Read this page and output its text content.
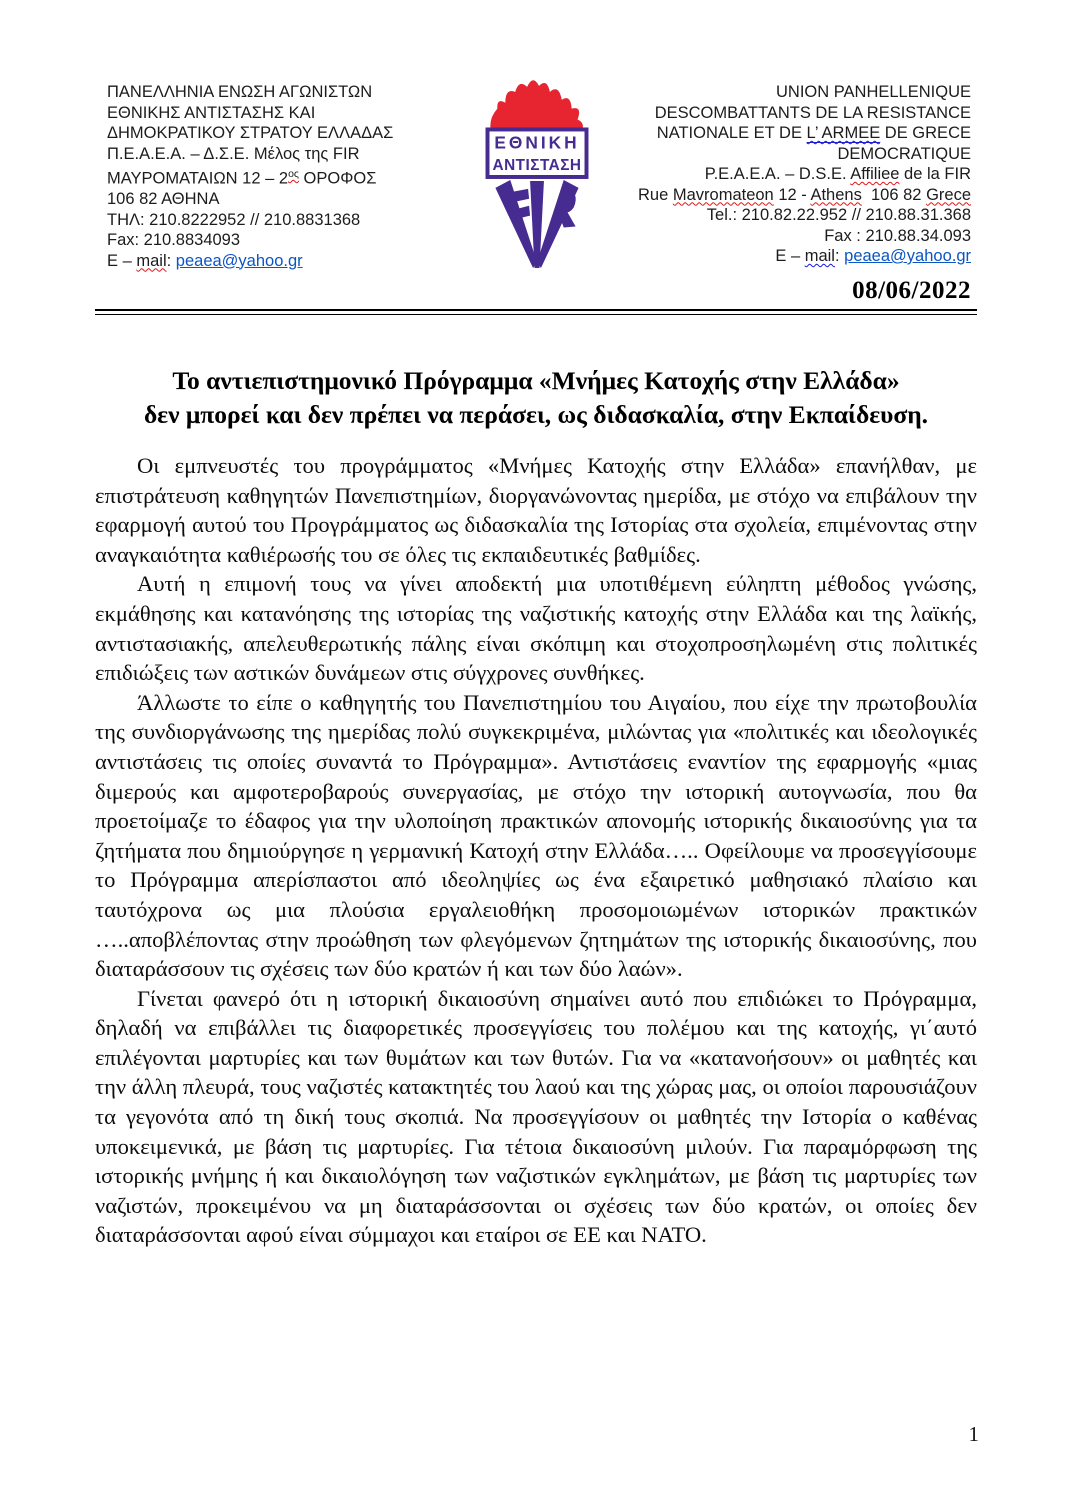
ΠΑΝΕΛΛΗΝΙΑ ΕΝΩΣΗ ΑΓΩΝΙΣΤΩΝ
ΕΘΝΙΚΗΣ ΑΝΤΙΣΤΑΣΗΣ ΚΑΙ
ΔΗΜΟΚΡΑΤΙΚΟΥ ΣΤΡΑΤΟΥ ΕΛΛΑΔΑΣ
Π.Ε.Α.Ε.Α. – Δ.Σ.Ε. Μέλος της FIR
ΜΑΥΡΟΜΑΤΑΙΩΝ $12 - 2^{o\varsigma}$ ΟΡΟΦΟΣ
106 82 ΑΘΗΝΑ
ΤΗΛ: 210.8222952 // 210.8831368
Fax: 210.8834093
E – mail: peaea@yahoo.gr
ΕΘΝΙΚΗ
ΑΝΤΙΣΤΑΣΗ
UNION PANHELLENIQUE
DESCOMBATTANTS DE LA RESISTANCE
NATIONALE ET DE L’ ARMEE DE GRECE
DEMOCRATIQUE
P.E.A.E.A. – D.S.E. Affiliee de la FIR
Rue Mavromateon 12 - Athens  106 82 Grece
Tel.: 210.82.22.952 // 210.88.31.368
Fax : 210.88.34.093
E – mail: peaea@yahoo.gr
08/06/2022
Το αντιεπιστημονικό Πρόγραμμα «Μνήμες Κατοχής στην Ελλάδα»
δεν μπορεί και δεν πρέπει να περάσει, ως διδασκαλία, στην Εκπαίδευση.

Οι εμπνευστές του προγράμματος «Μνήμες Κατοχής στην Ελλάδα» επανήλθαν, με επιστράτευση καθηγητών Πανεπιστημίων, διοργανώνοντας ημερίδα, με στόχο να επιβάλουν την εφαρμογή αυτού του Προγράμματος ως διδασκαλία της Ιστορίας στα σχολεία, επιμένοντας στην αναγκαιότητα καθιέρωσής του σε όλες τις εκπαιδευτικές βαθμίδες.

Αυτή η επιμονή τους να γίνει αποδεκτή μια υποτιθέμενη εύληπτη μέθοδος γνώσης, εκμάθησης και κατανόησης της ιστορίας της ναζιστικής κατοχής στην Ελλάδα και της λαϊκής, αντιστασιακής, απελευθερωτικής πάλης είναι σκόπιμη και στοχοπροσηλωμένη στις πολιτικές επιδιώξεις των αστικών δυνάμεων στις σύγχρονες συνθήκες.

Άλλωστε το είπε ο καθηγητής του Πανεπιστημίου του Αιγαίου, που είχε την πρωτοβουλία της συνδιοργάνωσης της ημερίδας πολύ συγκεκριμένα, μιλώντας για «πολιτικές και ιδεολογικές αντιστάσεις τις οποίες συναντά το Πρόγραμμα». Αντιστάσεις εναντίον της εφαρμογής «μιας διμερούς και αμφοτεροβαρούς συνεργασίας, με στόχο την ιστορική αυτογνωσία, που θα προετοίμαζε το έδαφος για την υλοποίηση πρακτικών απονομής ιστορικής δικαιοσύνης για τα ζητήματα που δημιούργησε η γερμανική Κατοχή στην Ελλάδα….. Οφείλουμε να προσεγγίσουμε το Πρόγραμμα απερίσπαστοι από ιδεοληψίες ως ένα εξαιρετικό μαθησιακό πλαίσιο και ταυτόχρονα ως μια πλούσια εργαλειοθήκη προσομοιωμένων ιστορικών πρακτικών …..αποβλέποντας στην προώθηση των φλεγόμενων ζητημάτων της ιστορικής δικαιοσύνης, που διαταράσσουν τις σχέσεις των δύο κρατών ή και των δύο λαών».

Γίνεται φανερό ότι η ιστορική δικαιοσύνη σημαίνει αυτό που επιδιώκει το Πρόγραμμα, δηλαδή να επιβάλλει τις διαφορετικές προσεγγίσεις του πολέμου και της κατοχής, γι΄αυτό επιλέγονται μαρτυρίες και των θυμάτων και των θυτών. Για να «κατανοήσουν» οι μαθητές και την άλλη πλευρά, τους ναζιστές κατακτητές του λαού και της χώρας μας, οι οποίοι παρουσιάζουν τα γεγονότα από τη δική τους σκοπιά. Να προσεγγίσουν οι μαθητές την Ιστορία ο καθένας υποκειμενικά, με βάση τις μαρτυρίες. Για τέτοια δικαιοσύνη μιλούν. Για παραμόρφωση της ιστορικής μνήμης ή και δικαιολόγηση των ναζιστικών εγκλημάτων, με βάση τις μαρτυρίες των ναζιστών, προκειμένου να μη διαταράσσονται οι σχέσεις των δύο κρατών, οι οποίες δεν διαταράσσονται αφού είναι σύμμαχοι και εταίροι σε ΕΕ και ΝΑΤΟ.

1
